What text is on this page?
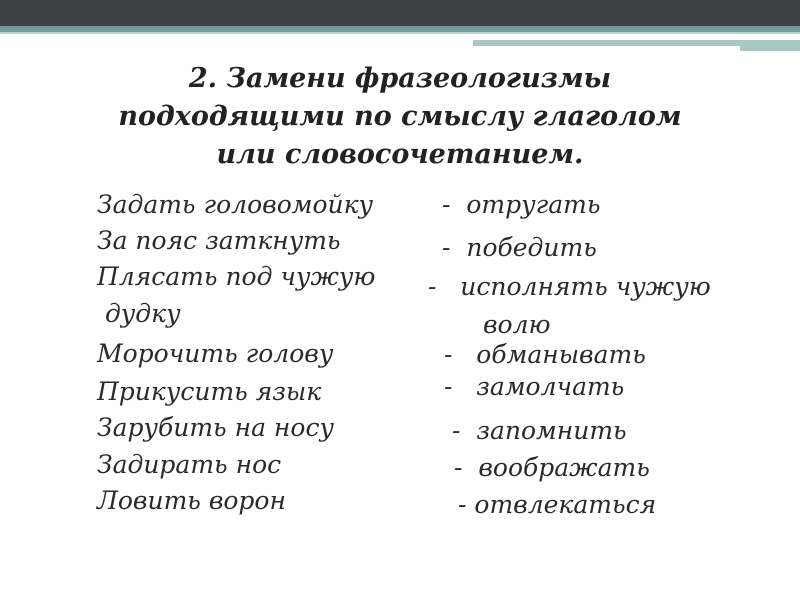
2. Замени фразеологизмы
подходящими по смыслу глаголом
или словосочетанием.
Задать головомойку
За пояс заткнуть
Плясать под чужую
дудку
Морочить голову
Прикусить язык
Зарубить на носу
Задирать нос
Ловить ворон
-  отругать
-  победить
-   исполнять чужую
волю
-   обманывать
-   замолчать
-  запомнить
-  воображать
- отвлекаться
